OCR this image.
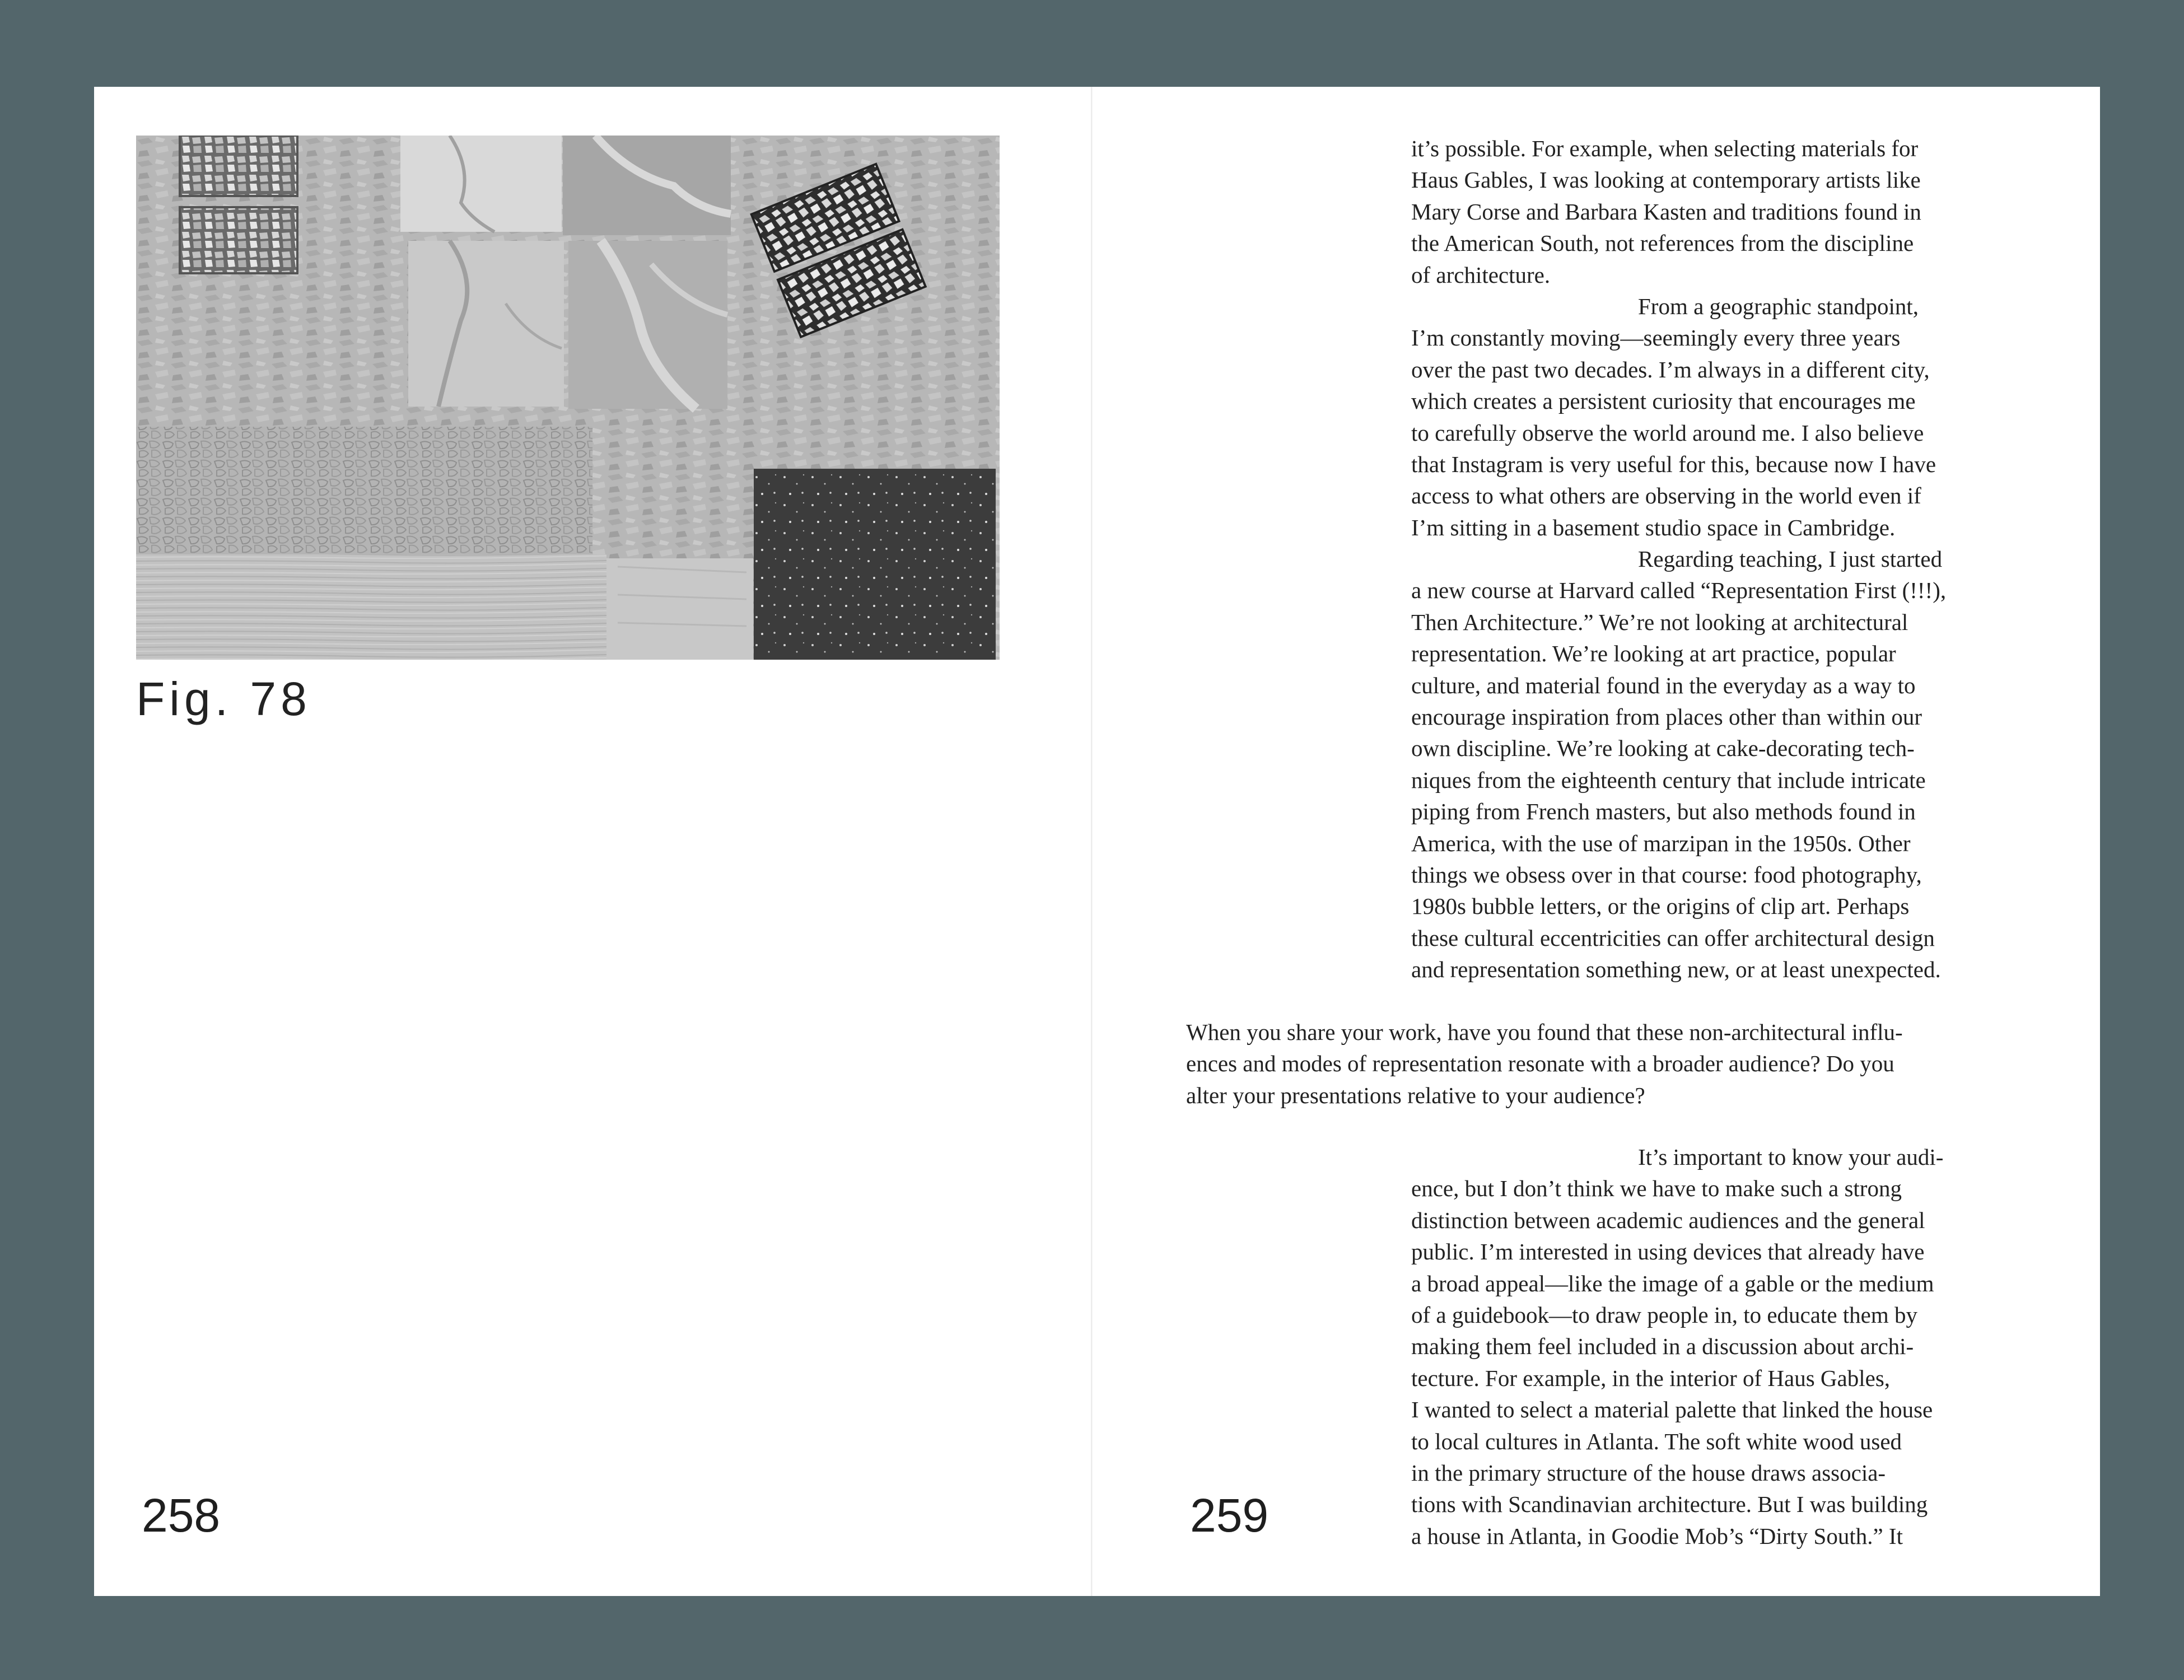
Fig. 78

258

it’s possible. For example, when selecting materials for
Haus Gables, I was looking at contemporary artists like
Mary Corse and Barbara Kasten and traditions found in
the American South, not references from the discipline
of architecture.
From a geographic standpoint,
I’m constantly moving—seemingly every three years
over the past two decades. I’m always in a different city,
which creates a persistent curiosity that encourages me
to carefully observe the world around me. I also believe
that Instagram is very useful for this, because now I have
access to what others are observing in the world even if
I’m sitting in a basement studio space in Cambridge.
Regarding teaching, I just started
a new course at Harvard called “Representation First (!!!),
Then Architecture.” We’re not looking at architectural
representation. We’re looking at art practice, popular
culture, and material found in the everyday as a way to
encourage inspiration from places other than within our
own discipline. We’re looking at cake-decorating tech-
niques from the eighteenth century that include intricate
piping from French masters, but also methods found in
America, with the use of marzipan in the 1950s. Other
things we obsess over in that course: food photography,
1980s bubble letters, or the origins of clip art. Perhaps
these cultural eccentricities can offer architectural design
and representation something new, or at least unexpected.
When you share your work, have you found that these non-architectural influ-
ences and modes of representation resonate with a broader audience? Do you
alter your presentations relative to your audience?
It’s important to know your audi-
ence, but I don’t think we have to make such a strong
distinction between academic audiences and the general
public. I’m interested in using devices that already have
a broad appeal—like the image of a gable or the medium
of a guidebook—to draw people in, to educate them by
making them feel included in a discussion about archi-
tecture. For example, in the interior of Haus Gables,
I wanted to select a material palette that linked the house
to local cultures in Atlanta. The soft white wood used
in the primary structure of the house draws associa-
tions with Scandinavian architecture. But I was building
a house in Atlanta, in Goodie Mob’s “Dirty South.” It

259
